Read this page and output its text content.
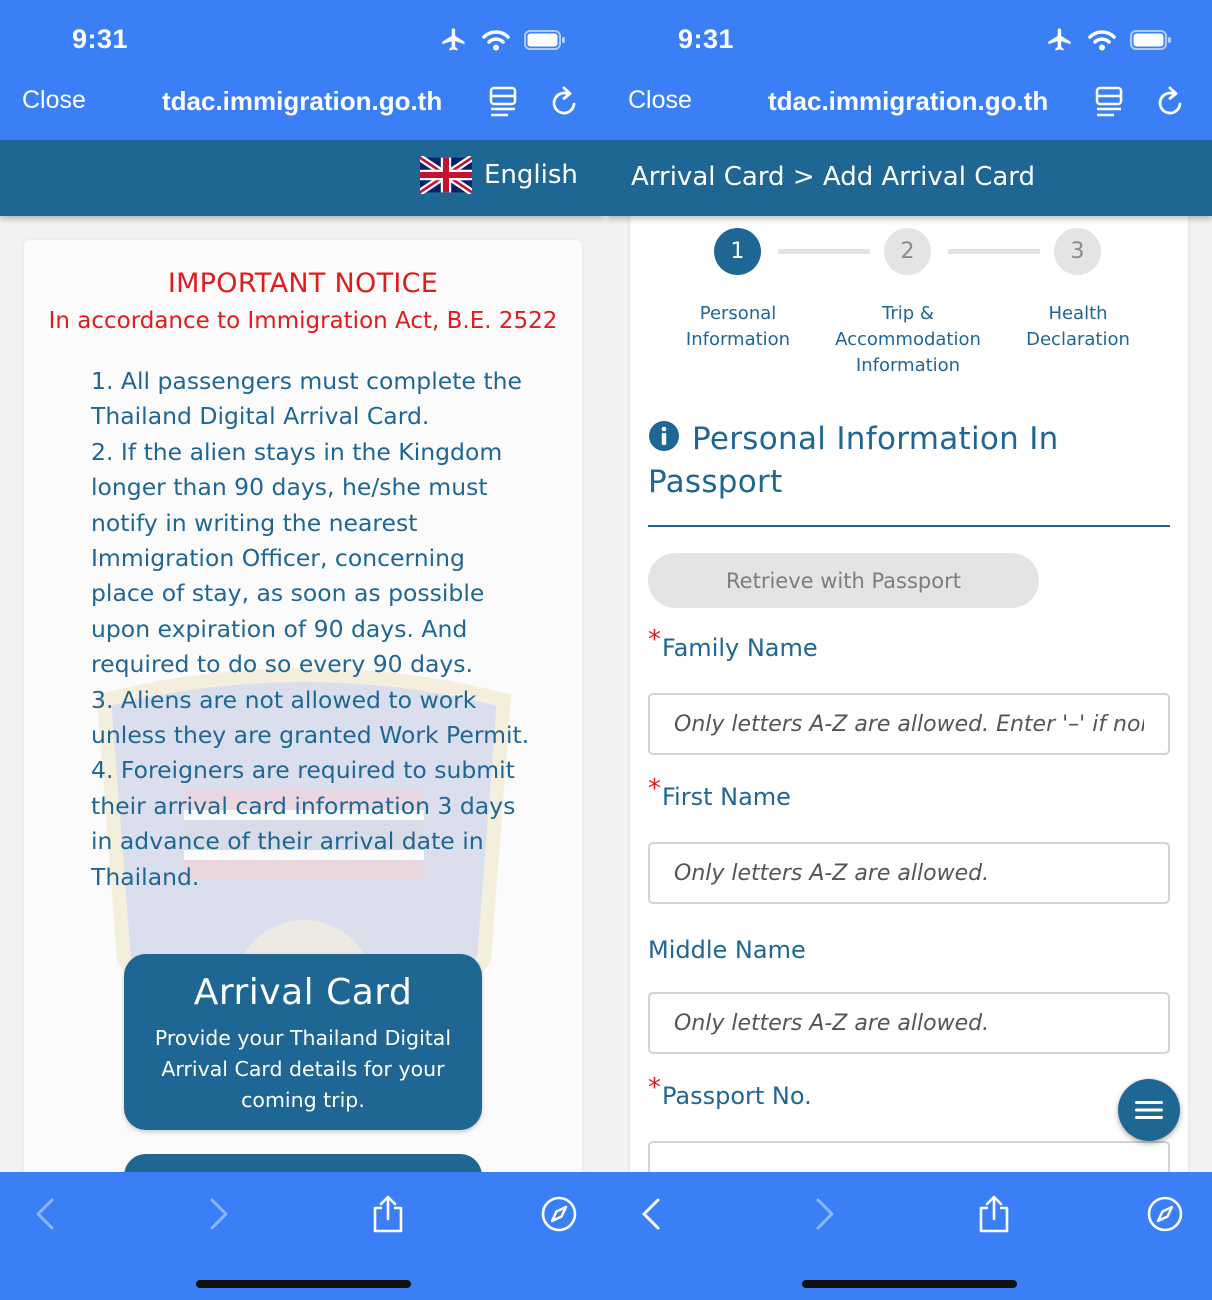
9:31
Close	tdac.immigration.go.th
English
IMPORTANT NOTICE
In accordance to Immigration Act, B.E. 2522
1. All passengers must complete the Thailand Digital Arrival Card.
2. If the alien stays in the Kingdom longer than 90 days, he/she must notify in writing the nearest Immigration Officer, concerning place of stay, as soon as possible upon expiration of 90 days. And required to do so every 90 days.
3. Aliens are not allowed to work unless they are granted Work Permit.
4. Foreigners are required to submit their arrival card information 3 days in advance of their arrival date in Thailand.
Arrival Card
Provide your Thailand Digital Arrival Card details for your coming trip.
9:31
Close	tdac.immigration.go.th
Arrival Card > Add Arrival Card
1	2	3
Personal Information
Trip & Accommodation Information
Health Declaration
Personal Information In Passport
Retrieve with Passport
*Family Name
Only letters A-Z are allowed. Enter '–' if none
*First Name
Only letters A-Z are allowed.
Middle Name
Only letters A-Z are allowed.
*Passport No.
